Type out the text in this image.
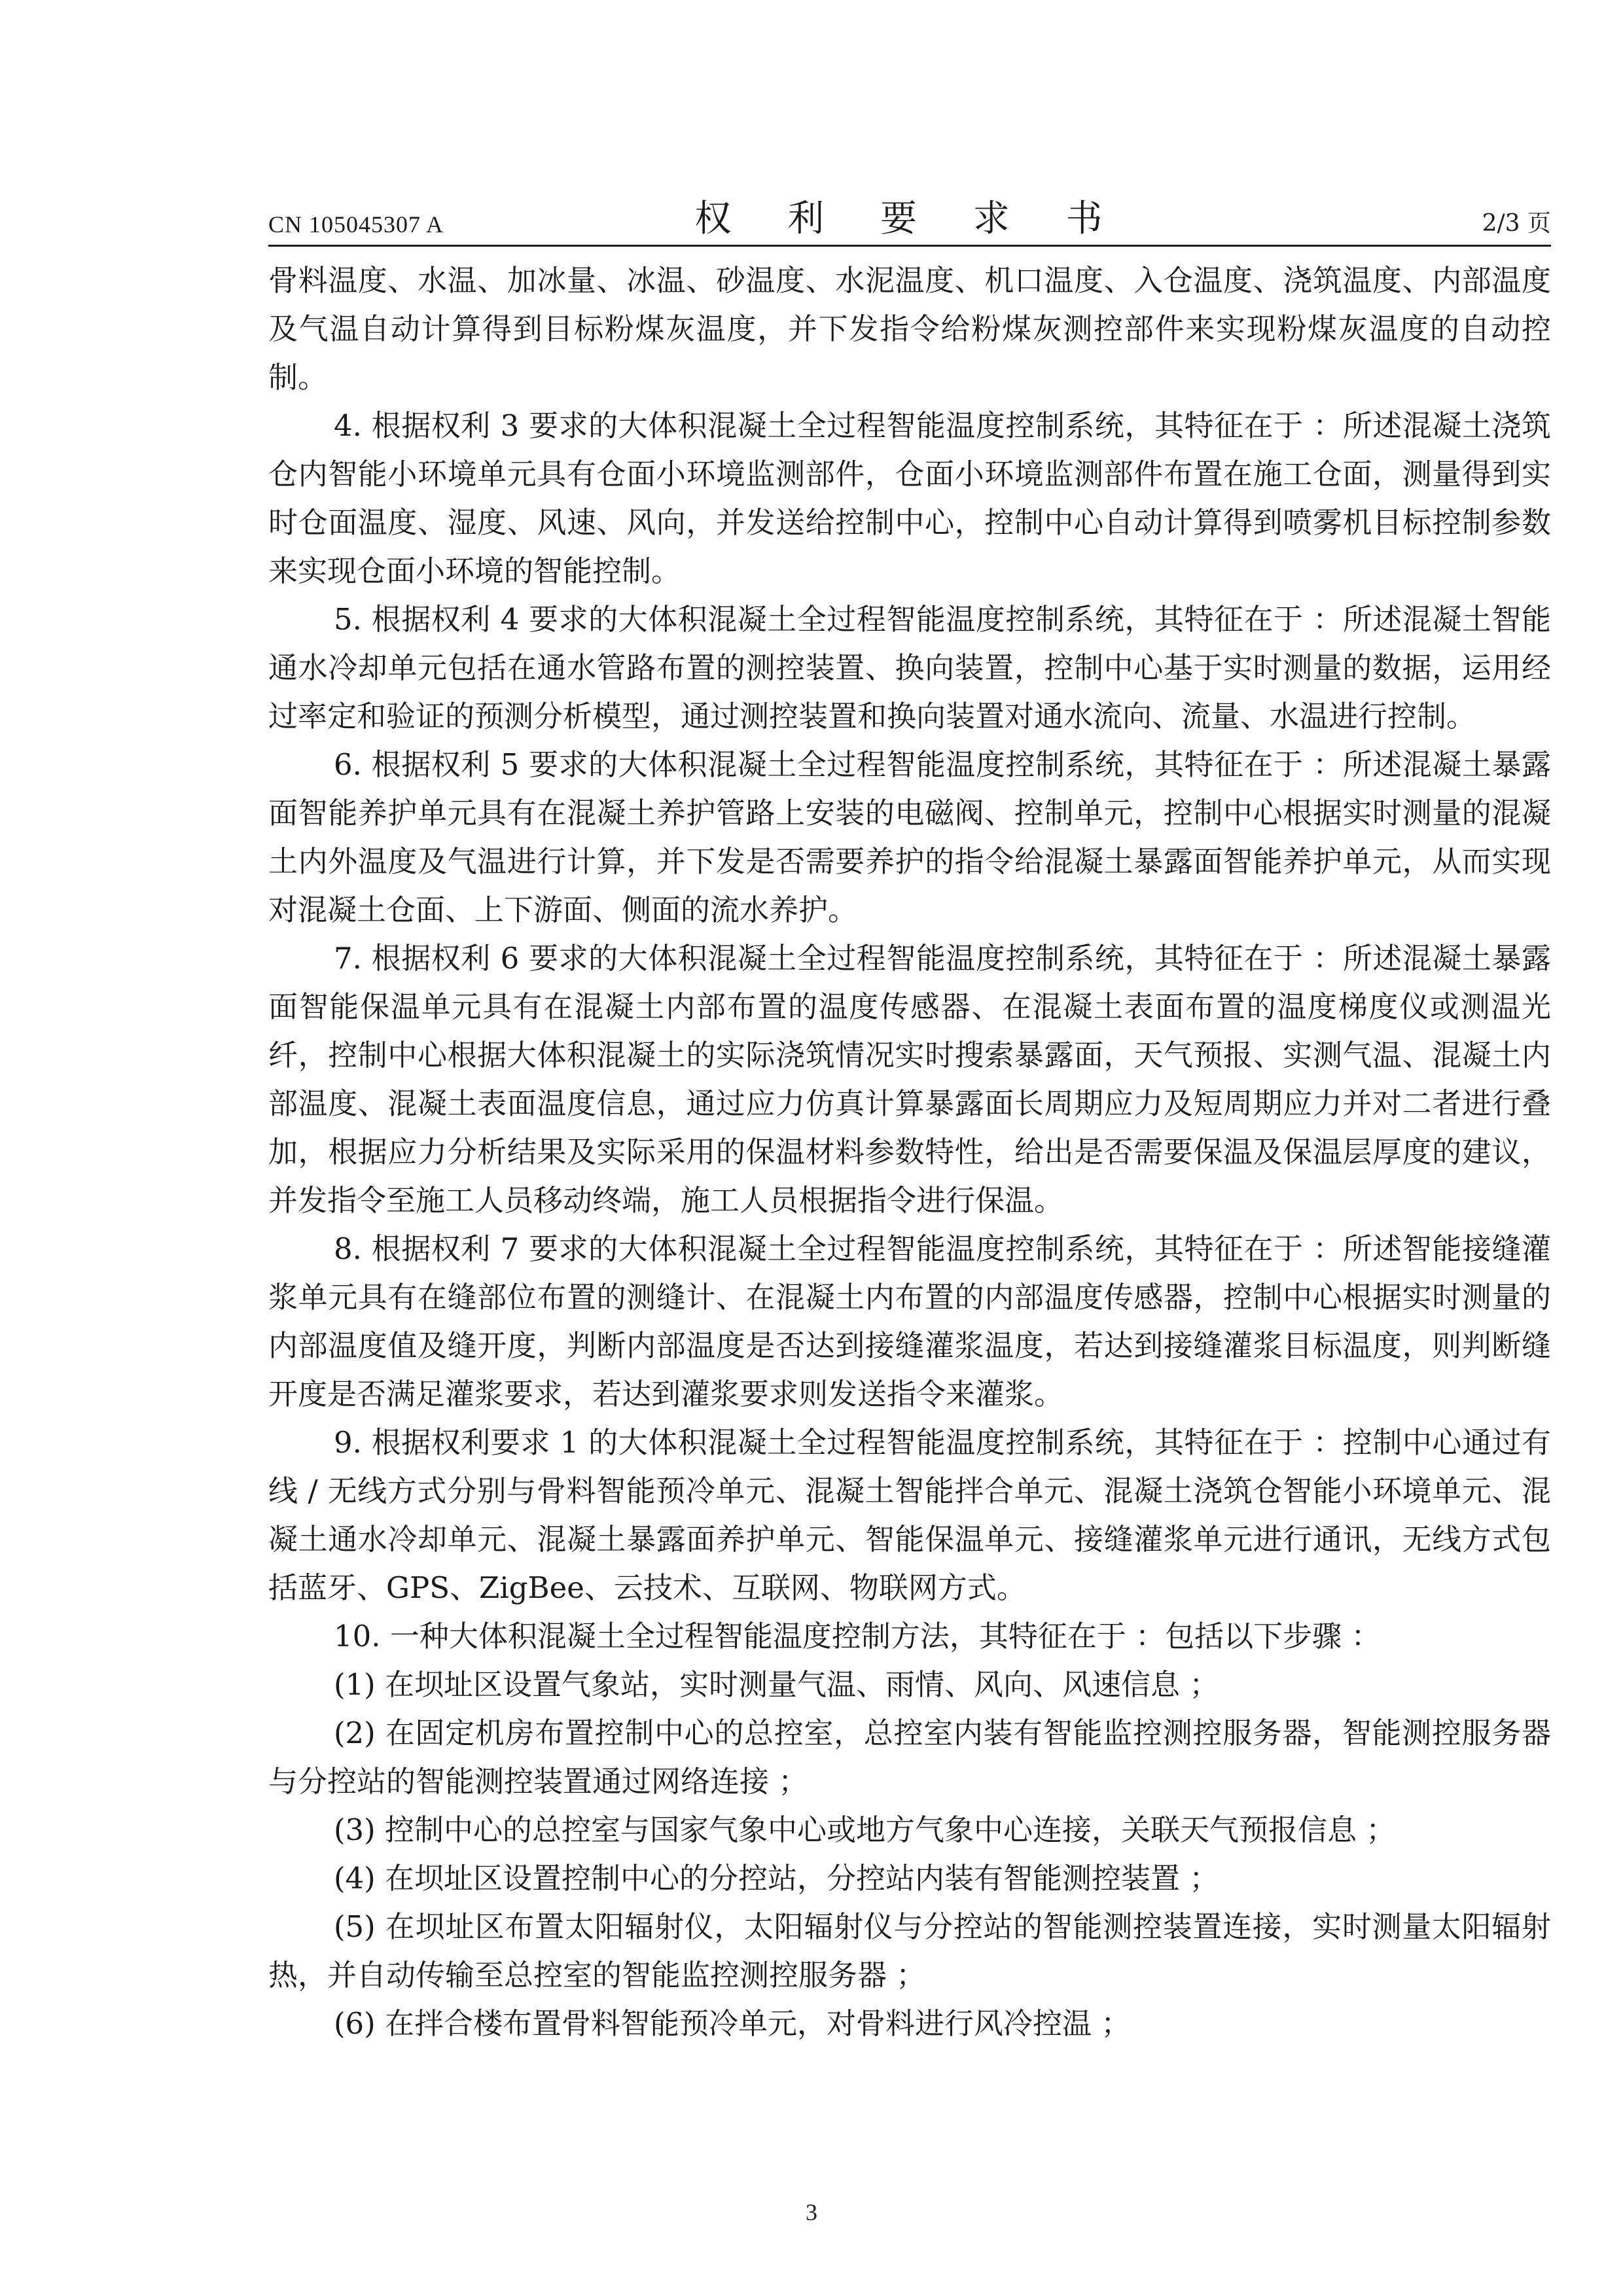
CN 105045307 A	权 利 要 求 书	2/3 页

骨料温度、水温、加冰量、冰温、砂温度、水泥温度、机口温度、入仓温度、浇筑温度、内部温度及气温自动计算得到目标粉煤灰温度，并下发指令给粉煤灰测控部件来实现粉煤灰温度的自动控制。

4. 根据权利 3 要求的大体积混凝土全过程智能温度控制系统，其特征在于 ：所述混凝土浇筑仓内智能小环境单元具有仓面小环境监测部件，仓面小环境监测部件布置在施工仓面，测量得到实时仓面温度、湿度、风速、风向，并发送给控制中心，控制中心自动计算得到喷雾机目标控制参数来实现仓面小环境的智能控制。

5. 根据权利 4 要求的大体积混凝土全过程智能温度控制系统，其特征在于 ：所述混凝土智能通水冷却单元包括在通水管路布置的测控装置、换向装置，控制中心基于实时测量的数据，运用经过率定和验证的预测分析模型，通过测控装置和换向装置对通水流向、流量、水温进行控制。

6. 根据权利 5 要求的大体积混凝土全过程智能温度控制系统，其特征在于 ：所述混凝土暴露面智能养护单元具有在混凝土养护管路上安装的电磁阀、控制单元，控制中心根据实时测量的混凝土内外温度及气温进行计算，并下发是否需要养护的指令给混凝土暴露面智能养护单元，从而实现对混凝土仓面、上下游面、侧面的流水养护。

7. 根据权利 6 要求的大体积混凝土全过程智能温度控制系统，其特征在于 ：所述混凝土暴露面智能保温单元具有在混凝土内部布置的温度传感器、在混凝土表面布置的温度梯度仪或测温光纤，控制中心根据大体积混凝土的实际浇筑情况实时搜索暴露面，天气预报、实测气温、混凝土内部温度、混凝土表面温度信息，通过应力仿真计算暴露面长周期应力及短周期应力并对二者进行叠加，根据应力分析结果及实际采用的保温材料参数特性，给出是否需要保温及保温层厚度的建议，并发指令至施工人员移动终端，施工人员根据指令进行保温。

8. 根据权利 7 要求的大体积混凝土全过程智能温度控制系统，其特征在于 ：所述智能接缝灌浆单元具有在缝部位布置的测缝计、在混凝土内布置的内部温度传感器，控制中心根据实时测量的内部温度值及缝开度，判断内部温度是否达到接缝灌浆温度，若达到接缝灌浆目标温度，则判断缝开度是否满足灌浆要求，若达到灌浆要求则发送指令来灌浆。

9. 根据权利要求 1 的大体积混凝土全过程智能温度控制系统，其特征在于 ：控制中心通过有线 / 无线方式分别与骨料智能预冷单元、混凝土智能拌合单元、混凝土浇筑仓智能小环境单元、混凝土通水冷却单元、混凝土暴露面养护单元、智能保温单元、接缝灌浆单元进行通讯，无线方式包括蓝牙、GPS、ZigBee、云技术、互联网、物联网方式。

10. 一种大体积混凝土全过程智能温度控制方法，其特征在于 ：包括以下步骤 ：

(1) 在坝址区设置气象站，实时测量气温、雨情、风向、风速信息 ；

(2) 在固定机房布置控制中心的总控室，总控室内装有智能监控测控服务器，智能测控服务器与分控站的智能测控装置通过网络连接 ；

(3) 控制中心的总控室与国家气象中心或地方气象中心连接，关联天气预报信息 ；

(4) 在坝址区设置控制中心的分控站，分控站内装有智能测控装置 ；

(5) 在坝址区布置太阳辐射仪，太阳辐射仪与分控站的智能测控装置连接，实时测量太阳辐射热，并自动传输至总控室的智能监控测控服务器 ；

(6) 在拌合楼布置骨料智能预冷单元，对骨料进行风冷控温 ；

3
